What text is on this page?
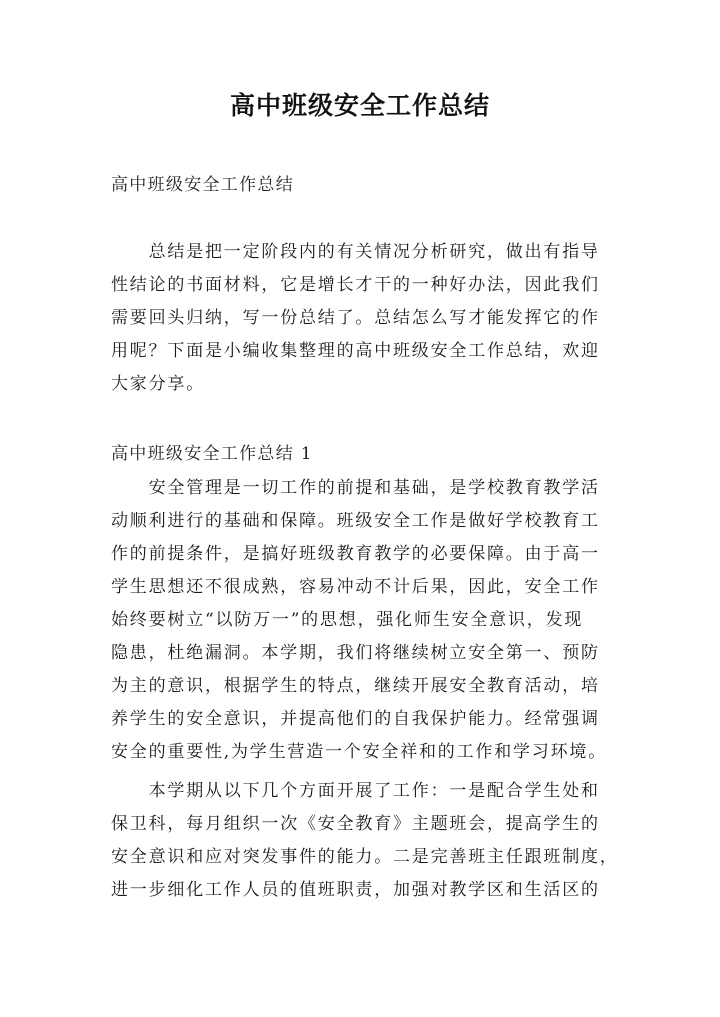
高中班级安全工作总结
高中班级安全工作总结
　　总结是把一定阶段内的有关情况分析研究，做出有指导
性结论的书面材料，它是增长才干的一种好办法，因此我们
需要回头归纳，写一份总结了。总结怎么写才能发挥它的作
用呢？下面是小编收集整理的高中班级安全工作总结，欢迎
大家分享。
高中班级安全工作总结 1
　　安全管理是一切工作的前提和基础，是学校教育教学活
动顺利进行的基础和保障。班级安全工作是做好学校教育工
作的前提条件，是搞好班级教育教学的必要保障。由于高一
学生思想还不很成熟，容易冲动不计后果，因此，安全工作
始终要树立“以防万一”的思想，强化师生安全意识，发现
隐患，杜绝漏洞。本学期，我们将继续树立安全第一、预防
为主的意识，根据学生的特点，继续开展安全教育活动，培
养学生的安全意识，并提高他们的自我保护能力。经常强调
安全的重要性,为学生营造一个安全祥和的工作和学习环境。
　　本学期从以下几个方面开展了工作：一是配合学生处和
保卫科，每月组织一次《安全教育》主题班会，提高学生的
安全意识和应对突发事件的能力。二是完善班主任跟班制度，
进一步细化工作人员的值班职责，加强对教学区和生活区的
